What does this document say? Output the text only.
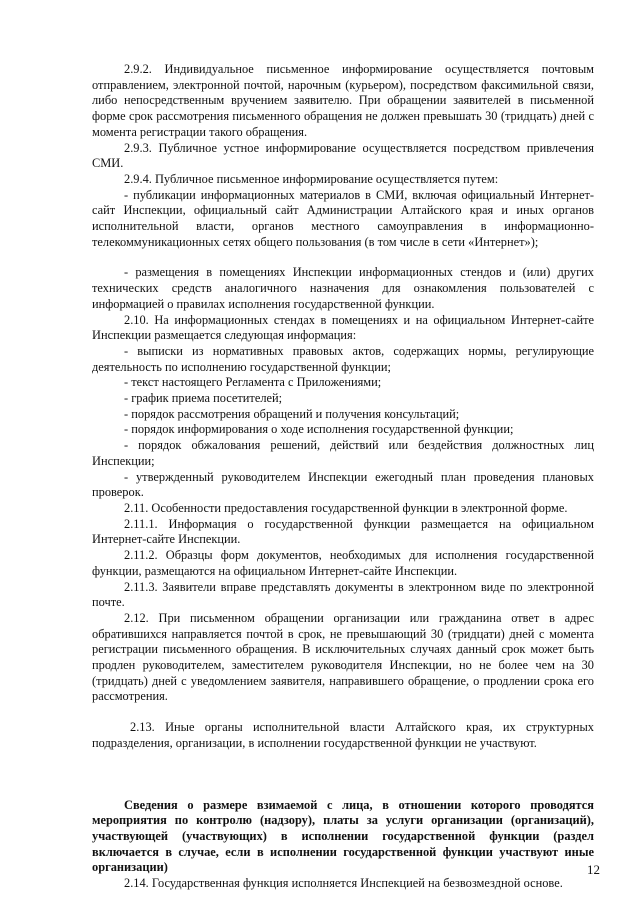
2.9.2. Индивидуальное письменное информирование осуществляется почтовым отправлением, электронной почтой, нарочным (курьером), посредством факсимильной связи, либо непосредственным вручением заявителю. При обращении заявителей в письменной форме срок рассмотрения письменного обращения не должен превышать 30 (тридцать) дней с момента регистрации такого обращения.

2.9.3. Публичное устное информирование осуществляется посредством привлечения СМИ.

2.9.4. Публичное письменное информирование осуществляется путем:

- публикации информационных материалов в СМИ, включая официальный Интернет-сайт Инспекции, официальный сайт Администрации Алтайского края и иных органов исполнительной власти, органов местного самоуправления в информационно-телекоммуникационных сетях общего пользования (в том числе в сети «Интернет»);

- размещения в помещениях Инспекции информационных стендов и (или) других технических средств аналогичного назначения для ознакомления пользователей с информацией о правилах исполнения государственной функции.

2.10. На информационных стендах в помещениях и на официальном Интернет-сайте Инспекции размещается следующая информация:

- выписки из нормативных правовых актов, содержащих нормы, регулирующие деятельность по исполнению государственной функции;

- текст настоящего Регламента с Приложениями;

- график приема посетителей;

- порядок рассмотрения обращений и получения консультаций;

- порядок информирования о ходе исполнения государственной функции;

- порядок обжалования решений, действий или бездействия должностных лиц Инспекции;

- утвержденный руководителем Инспекции ежегодный план проведения плановых проверок.

2.11. Особенности предоставления государственной функции в электронной форме.

2.11.1. Информация о государственной функции размещается на официальном Интернет-сайте Инспекции.

2.11.2. Образцы форм документов, необходимых для исполнения государственной функции, размещаются на официальном Интернет-сайте Инспекции.

2.11.3. Заявители вправе представлять документы в электронном виде по электронной почте.

2.12. При письменном обращении организации или гражданина ответ в адрес обратившихся направляется почтой в срок, не превышающий 30 (тридцати) дней с момента регистрации письменного обращения. В исключительных случаях данный срок может быть продлен руководителем, заместителем руководителя Инспекции, но не более чем на 30 (тридцать) дней с уведомлением заявителя, направившего обращение, о продлении срока его рассмотрения.

2.13. Иные органы исполнительной власти Алтайского края, их структурных подразделения, организации, в исполнении государственной функции не участвуют.

Сведения о размере взимаемой с лица, в отношении которого проводятся мероприятия по контролю (надзору), платы за услуги организации (организаций), участвующей (участвующих) в исполнении государственной функции (раздел включается в случае, если в исполнении государственной функции участвуют иные организации)

2.14. Государственная функция исполняется Инспекцией на безвозмездной основе.

12
